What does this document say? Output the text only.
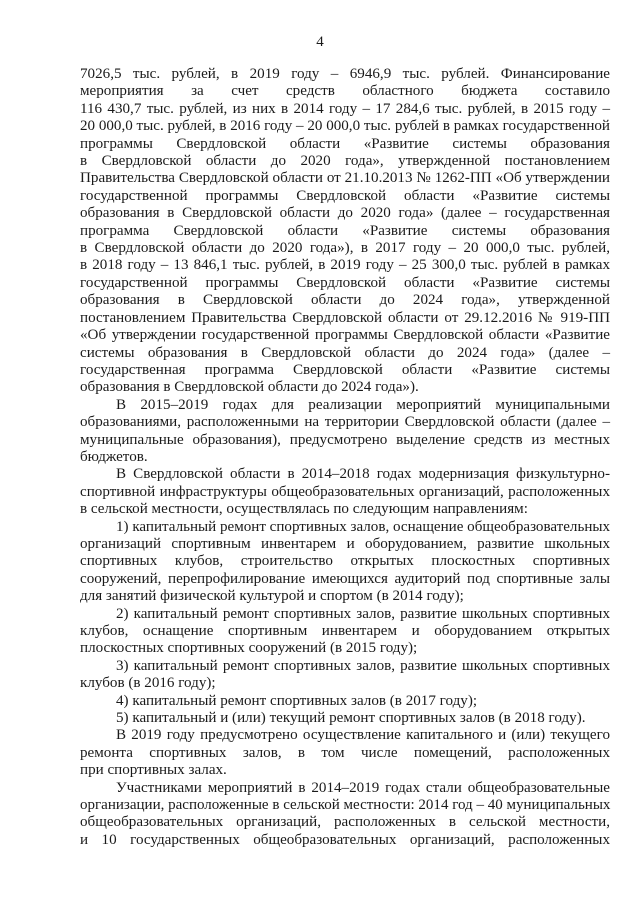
4

7026,5 тыс. рублей, в 2019 году – 6946,9 тыс. рублей. Финансирование

мероприятия за счет средств областного бюджета составило

116 430,7 тыс. рублей, из них в 2014 году – 17 284,6 тыс. рублей, в 2015 году –

20 000,0 тыс. рублей, в 2016 году – 20 000,0 тыс. рублей в рамках государственной

программы Свердловской области «Развитие системы образования

в Свердловской области до 2020 года», утвержденной постановлением

Правительства Свердловской области от 21.10.2013 № 1262-ПП «Об утверждении

государственной программы Свердловской области «Развитие системы

образования в Свердловской области до 2020 года» (далее – государственная

программа Свердловской области «Развитие системы образования

в Свердловской области до 2020 года»), в 2017 году – 20 000,0 тыс. рублей,

в 2018 году – 13 846,1 тыс. рублей, в 2019 году – 25 300,0 тыс. рублей в рамках

государственной программы Свердловской области «Развитие системы

образования в Свердловской области до 2024 года», утвержденной

постановлением Правительства Свердловской области от 29.12.2016 № 919-ПП

«Об утверждении государственной программы Свердловской области «Развитие

системы образования в Свердловской области до 2024 года» (далее –

государственная программа Свердловской области «Развитие системы

образования в Свердловской области до 2024 года»).

В 2015–2019 годах для реализации мероприятий муниципальными

образованиями, расположенными на территории Свердловской области (далее –

муниципальные образования), предусмотрено выделение средств из местных

бюджетов.

В Свердловской области в 2014–2018 годах модернизация физкультурно-

спортивной инфраструктуры общеобразовательных организаций, расположенных

в сельской местности, осуществлялась по следующим направлениям:

1) капитальный ремонт спортивных залов, оснащение общеобразовательных

организаций спортивным инвентарем и оборудованием, развитие школьных

спортивных клубов, строительство открытых плоскостных спортивных

сооружений, перепрофилирование имеющихся аудиторий под спортивные залы

для занятий физической культурой и спортом (в 2014 году);

2) капитальный ремонт спортивных залов, развитие школьных спортивных

клубов, оснащение спортивным инвентарем и оборудованием открытых

плоскостных спортивных сооружений (в 2015 году);

3) капитальный ремонт спортивных залов, развитие школьных спортивных

клубов (в 2016 году);

4) капитальный ремонт спортивных залов (в 2017 году);

5) капитальный и (или) текущий ремонт спортивных залов (в 2018 году).

В 2019 году предусмотрено осуществление капитального и (или) текущего

ремонта спортивных залов, в том числе помещений, расположенных

при спортивных залах.

Участниками мероприятий в 2014–2019 годах стали общеобразовательные

организации, расположенные в сельской местности: 2014 год – 40 муниципальных

общеобразовательных организаций, расположенных в сельской местности,

и 10 государственных общеобразовательных организаций, расположенных
